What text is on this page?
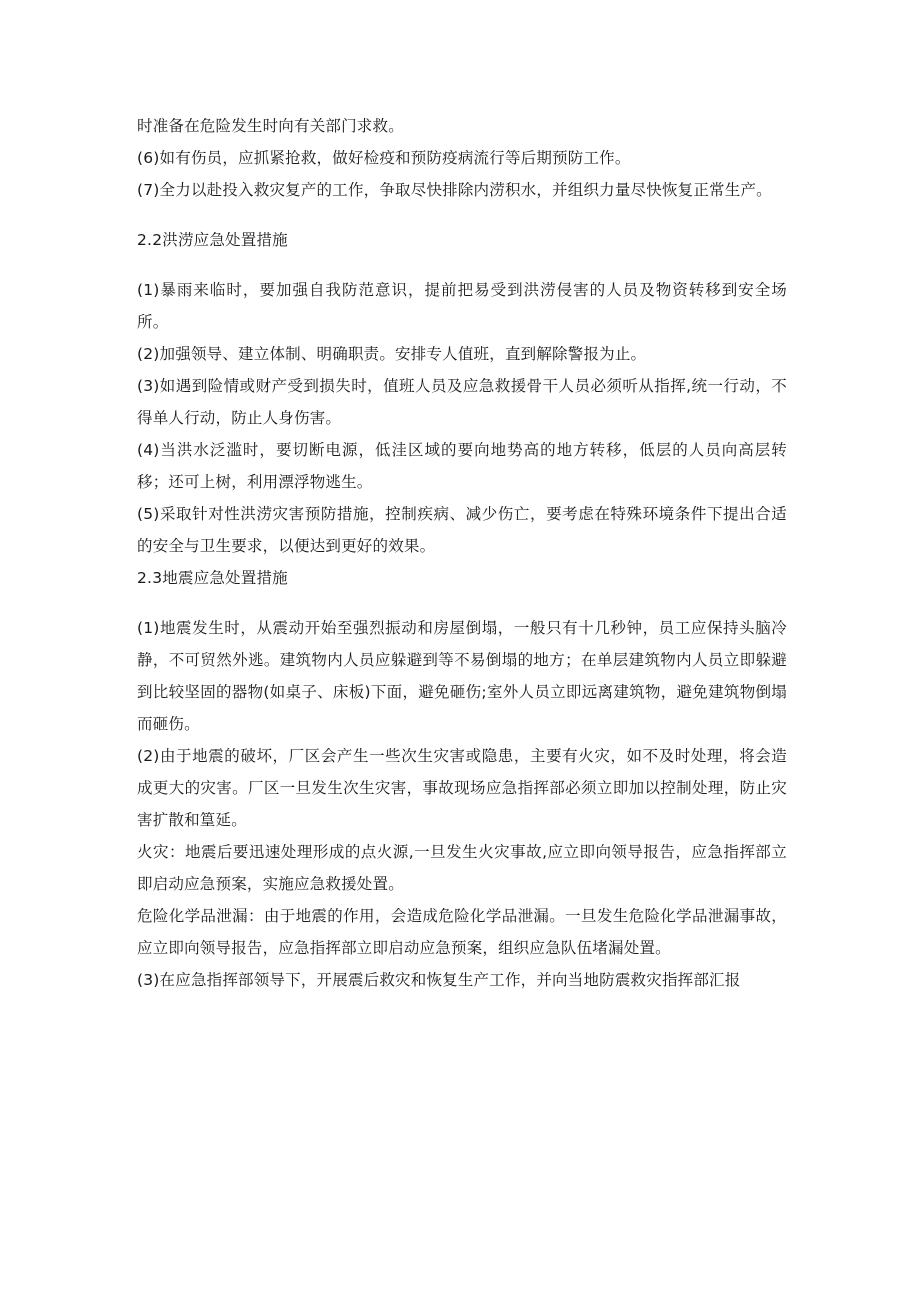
时准备在危险发生时向有关部门求救。

(6)如有伤员，应抓紧抢救，做好检疫和预防疫病流行等后期预防工作。

(7)全力以赴投入救灾复产的工作，争取尽快排除内涝积水，并组织力量尽快恢复正常生产。

2.2洪涝应急处置措施

(1)暴雨来临时，要加强自我防范意识，提前把易受到洪涝侵害的人员及物资转移到安全场所。

(2)加强领导、建立体制、明确职责。安排专人值班，直到解除警报为止。

(3)如遇到险情或财产受到损失时，值班人员及应急救援骨干人员必须听从指挥,统一行动，不得单人行动，防止人身伤害。

(4)当洪水泛滥时，要切断电源，低洼区域的要向地势高的地方转移，低层的人员向高层转移；还可上树，利用漂浮物逃生。

(5)采取针对性洪涝灾害预防措施，控制疾病、减少伤亡，要考虑在特殊环境条件下提出合适的安全与卫生要求，以便达到更好的效果。

2.3地震应急处置措施

(1)地震发生时，从震动开始至强烈振动和房屋倒塌，一般只有十几秒钟，员工应保持头脑冷静，不可贸然外逃。建筑物内人员应躲避到等不易倒塌的地方；在单层建筑物内人员立即躲避到比较坚固的器物(如桌子、床板)下面，避免砸伤;室外人员立即远离建筑物，避免建筑物倒塌而砸伤。

(2)由于地震的破坏，厂区会产生一些次生灾害或隐患，主要有火灾，如不及时处理，将会造成更大的灾害。厂区一旦发生次生灾害，事故现场应急指挥部必须立即加以控制处理，防止灾害扩散和篁延。

火灾：地震后要迅速处理形成的点火源,一旦发生火灾事故,应立即向领导报告，应急指挥部立即启动应急预案，实施应急救援处置。

危险化学品泄漏：由于地震的作用，会造成危险化学品泄漏。一旦发生危险化学品泄漏事故，应立即向领导报告，应急指挥部立即启动应急预案，组织应急队伍堵漏处置。

(3)在应急指挥部领导下，开展震后救灾和恢复生产工作，并向当地防震救灾指挥部汇报
